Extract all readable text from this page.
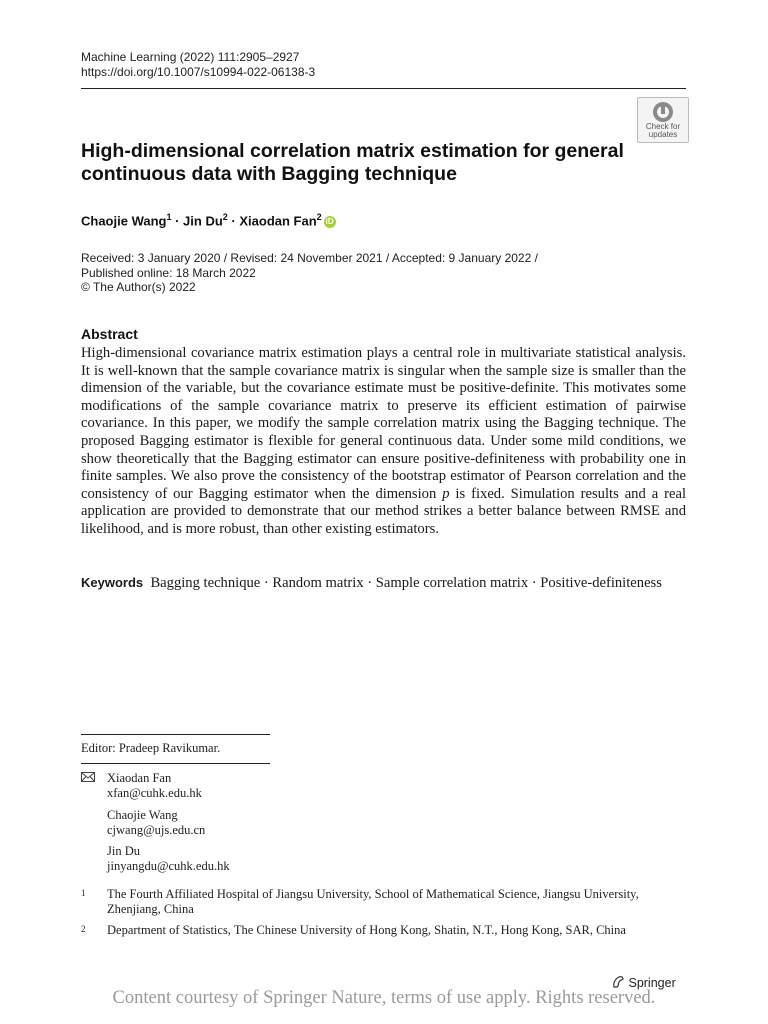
Machine Learning (2022) 111:2905–2927
https://doi.org/10.1007/s10994-022-06138-3
Check for
updates
High-dimensional correlation matrix estimation for general
continuous data with Bagging technique
Chaojie Wang$^1$ · Jin $Du^2$ · Xiaodan Fan$^2$ iD
Received: 3 January 2020 / Revised: 24 November 2021 / Accepted: 9 January 2022 /
Published online: 18 March 2022
© The Author(s) 2022
Abstract
High-dimensional covariance matrix estimation plays a central role in multivariate statistical analysis. It is well-known that the sample covariance matrix is singular when the sample size is smaller than the dimension of the variable, but the covariance estimate must be positive-definite. This motivates some modifications of the sample covariance matrix to preserve its efficient estimation of pairwise covariance. In this paper, we modify the sample correlation matrix using the Bagging technique. The proposed Bagging estimator is flexible for general continuous data. Under some mild conditions, we show theoretically that the Bagging estimator can ensure positive-definiteness with probability one in finite samples. We also prove the consistency of the bootstrap estimator of Pearson correlation and the consistency of our Bagging estimator when the dimension p is fixed. Simulation results and a real application are provided to demonstrate that our method strikes a better balance between RMSE and likelihood, and is more robust, than other existing estimators.
Keywords Bagging technique · Random matrix · Sample correlation matrix · Positive-definiteness
Editor: Pradeep Ravikumar.
Xiaodan Fan
xfan@cuhk.edu.hk
Chaojie Wang
cjwang@ujs.edu.cn
Jin Du
jinyangdu@cuhk.edu.hk
1 The Fourth Affiliated Hospital of Jiangsu University, School of Mathematical Science, Jiangsu University, Zhenjiang, China
2 Department of Statistics, The Chinese University of Hong Kong, Shatin, N.T., Hong Kong, SAR, China
Springer
Content courtesy of Springer Nature, terms of use apply. Rights reserved.
